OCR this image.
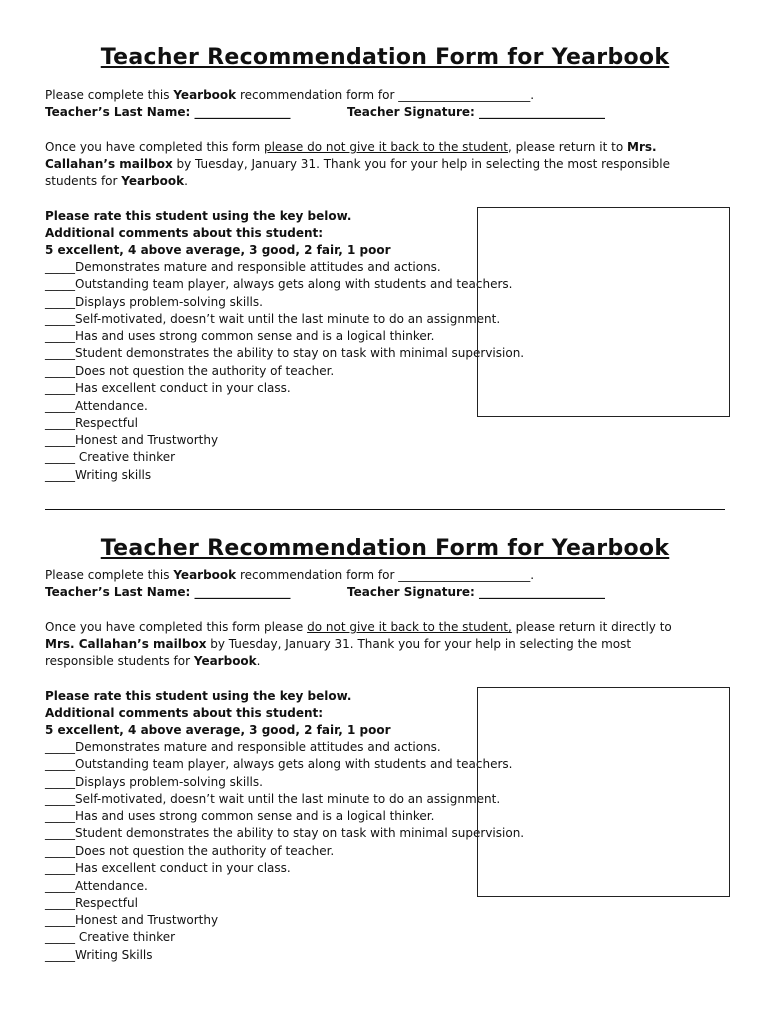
Teacher Recommendation Form for Yearbook
Please complete this Yearbook recommendation form for ______________________.
Teacher’s Last Name: ________________	Teacher Signature: _____________________
Once you have completed this form please do not give it back to the student, please return it to Mrs.
Callahan’s mailbox by Tuesday, January 31. Thank you for your help in selecting the most responsible
students for Yearbook.
Please rate this student using the key below.
Additional comments about this student:
5 excellent, 4 above average, 3 good, 2 fair, 1 poor
_____Demonstrates mature and responsible attitudes and actions.
_____Outstanding team player, always gets along with students and teachers.
_____Displays problem-solving skills.
_____Self-motivated, doesn’t wait until the last minute to do an assignment.
_____Has and uses strong common sense and is a logical thinker.
_____Student demonstrates the ability to stay on task with minimal supervision.
_____Does not question the authority of teacher.
_____Has excellent conduct in your class.
_____Attendance.
_____Respectful
_____Honest and Trustworthy
_____ Creative thinker
_____Writing skills
Teacher Recommendation Form for Yearbook
Please complete this Yearbook recommendation form for ______________________.
Teacher’s Last Name: ________________	Teacher Signature: _____________________
Once you have completed this form please do not give it back to the student, please return it directly to
Mrs. Callahan’s mailbox by Tuesday, January 31. Thank you for your help in selecting the most
responsible students for Yearbook.
Please rate this student using the key below.
Additional comments about this student:
5 excellent, 4 above average, 3 good, 2 fair, 1 poor
_____Demonstrates mature and responsible attitudes and actions.
_____Outstanding team player, always gets along with students and teachers.
_____Displays problem-solving skills.
_____Self-motivated, doesn’t wait until the last minute to do an assignment.
_____Has and uses strong common sense and is a logical thinker.
_____Student demonstrates the ability to stay on task with minimal supervision.
_____Does not question the authority of teacher.
_____Has excellent conduct in your class.
_____Attendance.
_____Respectful
_____Honest and Trustworthy
_____ Creative thinker
_____Writing Skills
